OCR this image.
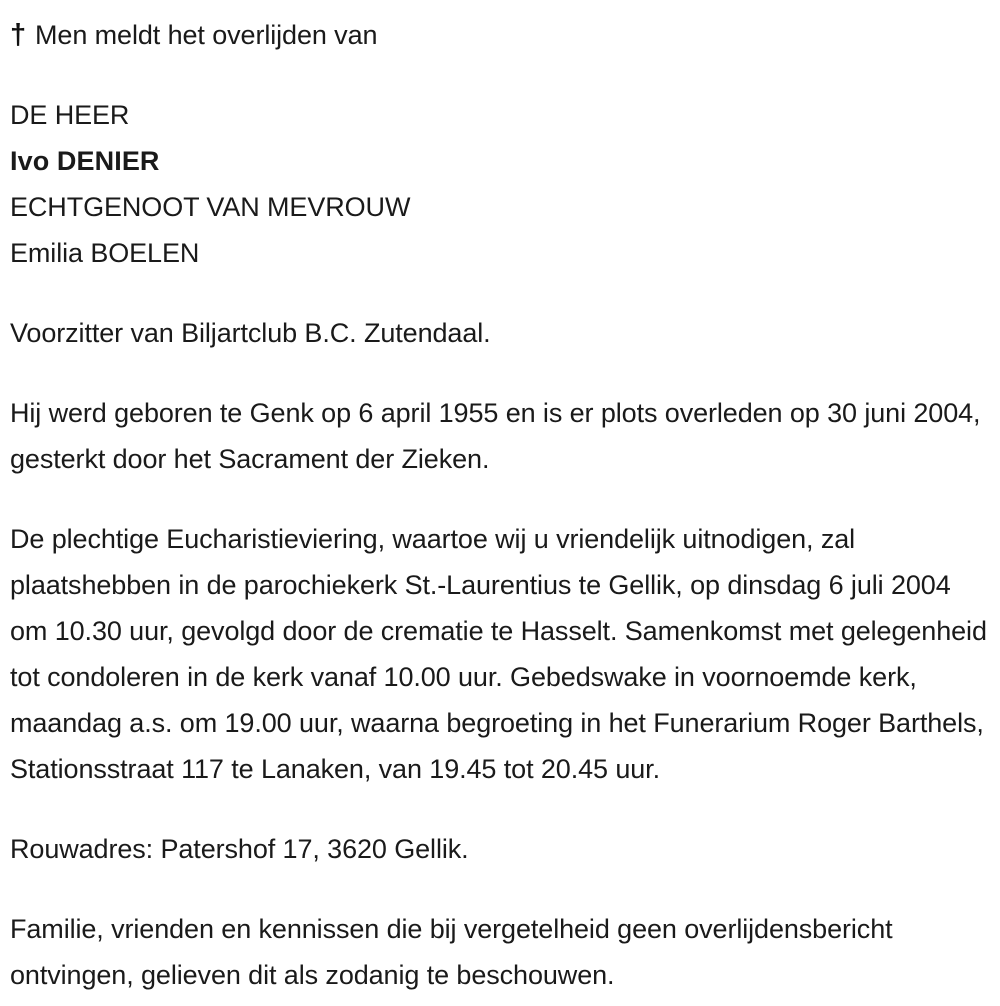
† Men meldt het overlijden van
DE HEER
Ivo DENIER
ECHTGENOOT VAN MEVROUW
Emilia BOELEN

Voorzitter van Biljartclub B.C. Zutendaal.

Hij werd geboren te Genk op 6 april 1955 en is er plots overleden op 30 juni 2004, gesterkt door het Sacrament der Zieken.

De plechtige Eucharistieviering, waartoe wij u vriendelijk uitnodigen, zal plaatshebben in de parochiekerk St.-Laurentius te Gellik, op dinsdag 6 juli 2004 om 10.30 uur, gevolgd door de crematie te Hasselt. Samenkomst met gelegenheid tot condoleren in de kerk vanaf 10.00 uur. Gebedswake in voornoemde kerk, maandag a.s. om 19.00 uur, waarna begroeting in het Funerarium Roger Barthels, Stationsstraat 117 te Lanaken, van 19.45 tot 20.45 uur.

Rouwadres: Patershof 17, 3620 Gellik.

Familie, vrienden en kennissen die bij vergetelheid geen overlijdensbericht ontvingen, gelieven dit als zodanig te beschouwen.
